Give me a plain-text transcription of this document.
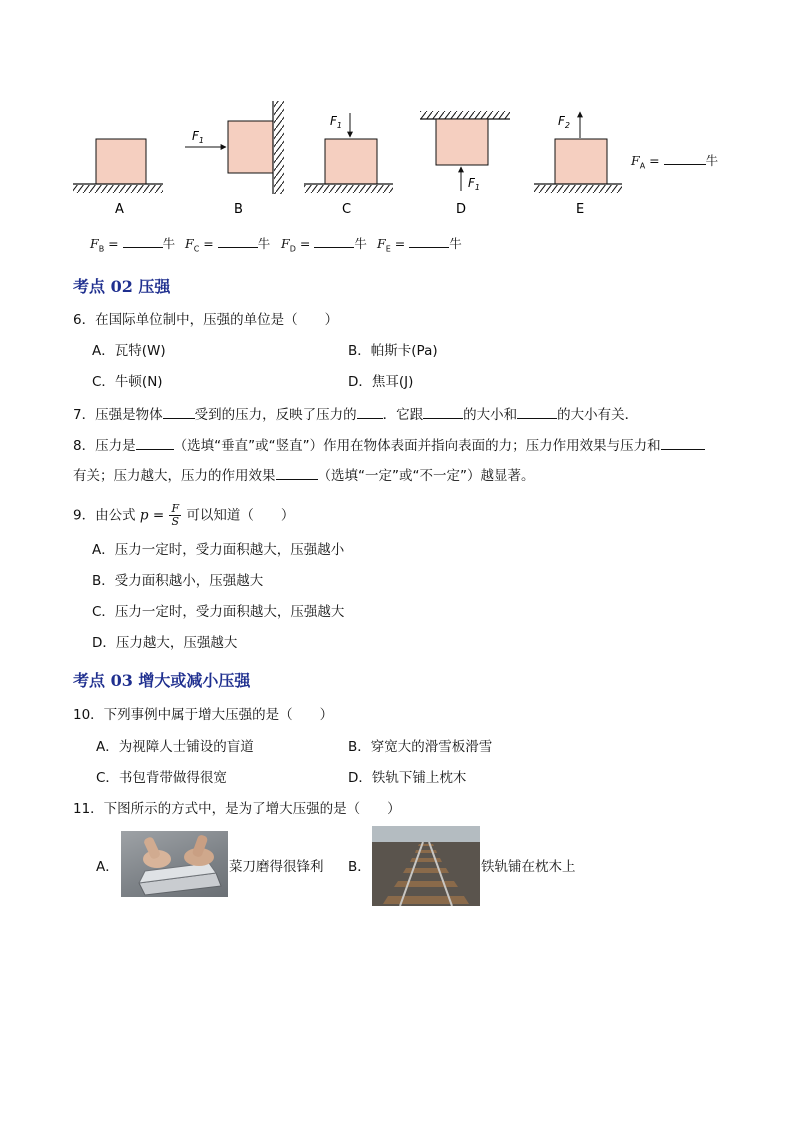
A
$F_1$
B
$F_1$
C
$F_1$
D
$F_2$
E
$F_A$ =	牛
$F_B$ =	牛 $F_C$ =	牛 $F_D$ =	牛 $F_E$ =	牛
考点 02 压强
6．在国际单位制中，压强的单位是（　　）
A．瓦特(W)	B．帕斯卡(Pa)
C．牛顿(N)	D．焦耳(J)
7．压强是物体 受到的压力，反映了压力的 ．它跟	的大小和	的大小有关．
8．压力是	（选填“垂直”或“竖直”）作用在物体表面并指向表面的力；压力作用效果与压力和
有关；压力越大，压力的作用效果	（选填“一定”或“不一定”）越显著。
9．由公式 $p = \frac{F}{S}$ 可以知道（　　）
A．压力一定时，受力面积越大，压强越小
B．受力面积越小，压强越大
C．压力一定时，受力面积越大，压强越大
D．压力越大，压强越大
考点 03 增大或减小压强
10．下列事例中属于增大压强的是（　　）
A．为视障人士铺设的盲道	B．穿宽大的滑雪板滑雪
C．书包背带做得很宽	D．铁轨下铺上枕木
11．下图所示的方式中，是为了增大压强的是（　　）
A．	菜刀磨得很锋利 B．	铁轨铺在枕木上
